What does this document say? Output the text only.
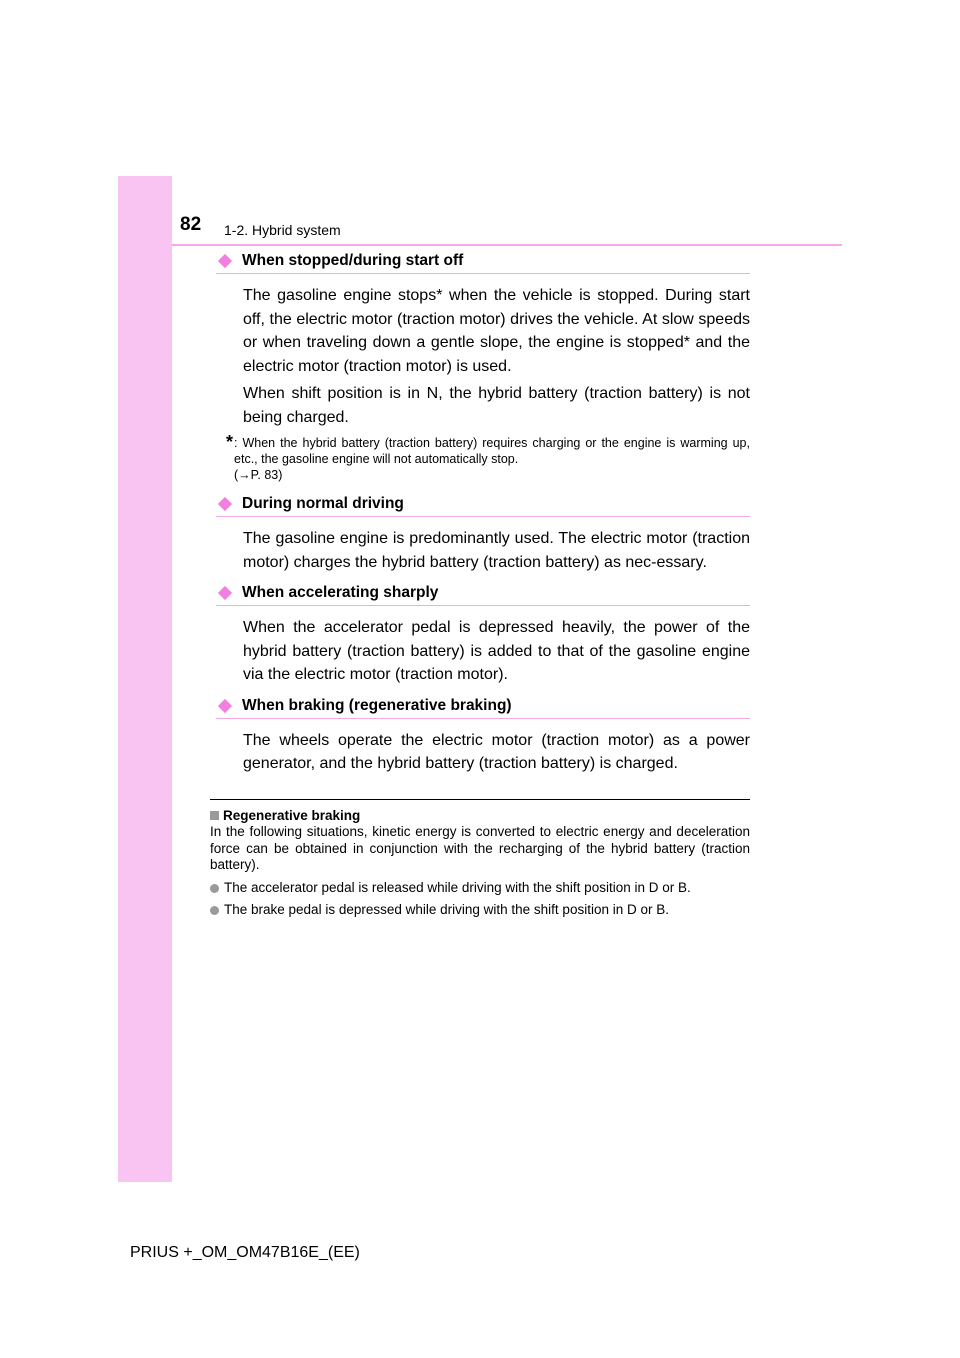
82 1-2. Hybrid system
When stopped/during start off

The gasoline engine stops* when the vehicle is stopped. During start off, the electric motor (traction motor) drives the vehicle. At slow speeds or when traveling down a gentle slope, the engine is stopped* and the electric motor (traction motor) is used.

When shift position is in N, the hybrid battery (traction battery) is not being charged.

* : When the hybrid battery (traction battery) requires charging or the engine is warming up, etc., the gasoline engine will not automatically stop.
(→P. 83)
During normal driving

The gasoline engine is predominantly used. The electric motor (traction motor) charges the hybrid battery (traction battery) as nec-essary.

When accelerating sharply

When the accelerator pedal is depressed heavily, the power of the hybrid battery (traction battery) is added to that of the gasoline engine via the electric motor (traction motor).

When braking (regenerative braking)

The wheels operate the electric motor (traction motor) as a power generator, and the hybrid battery (traction battery) is charged.

Regenerative braking
In the following situations, kinetic energy is converted to electric energy and deceleration force can be obtained in conjunction with the recharging of the hybrid battery (traction battery).
The accelerator pedal is released while driving with the shift position in D or B.
The brake pedal is depressed while driving with the shift position in D or B.
PRIUS +_OM_OM47B16E_(EE)
